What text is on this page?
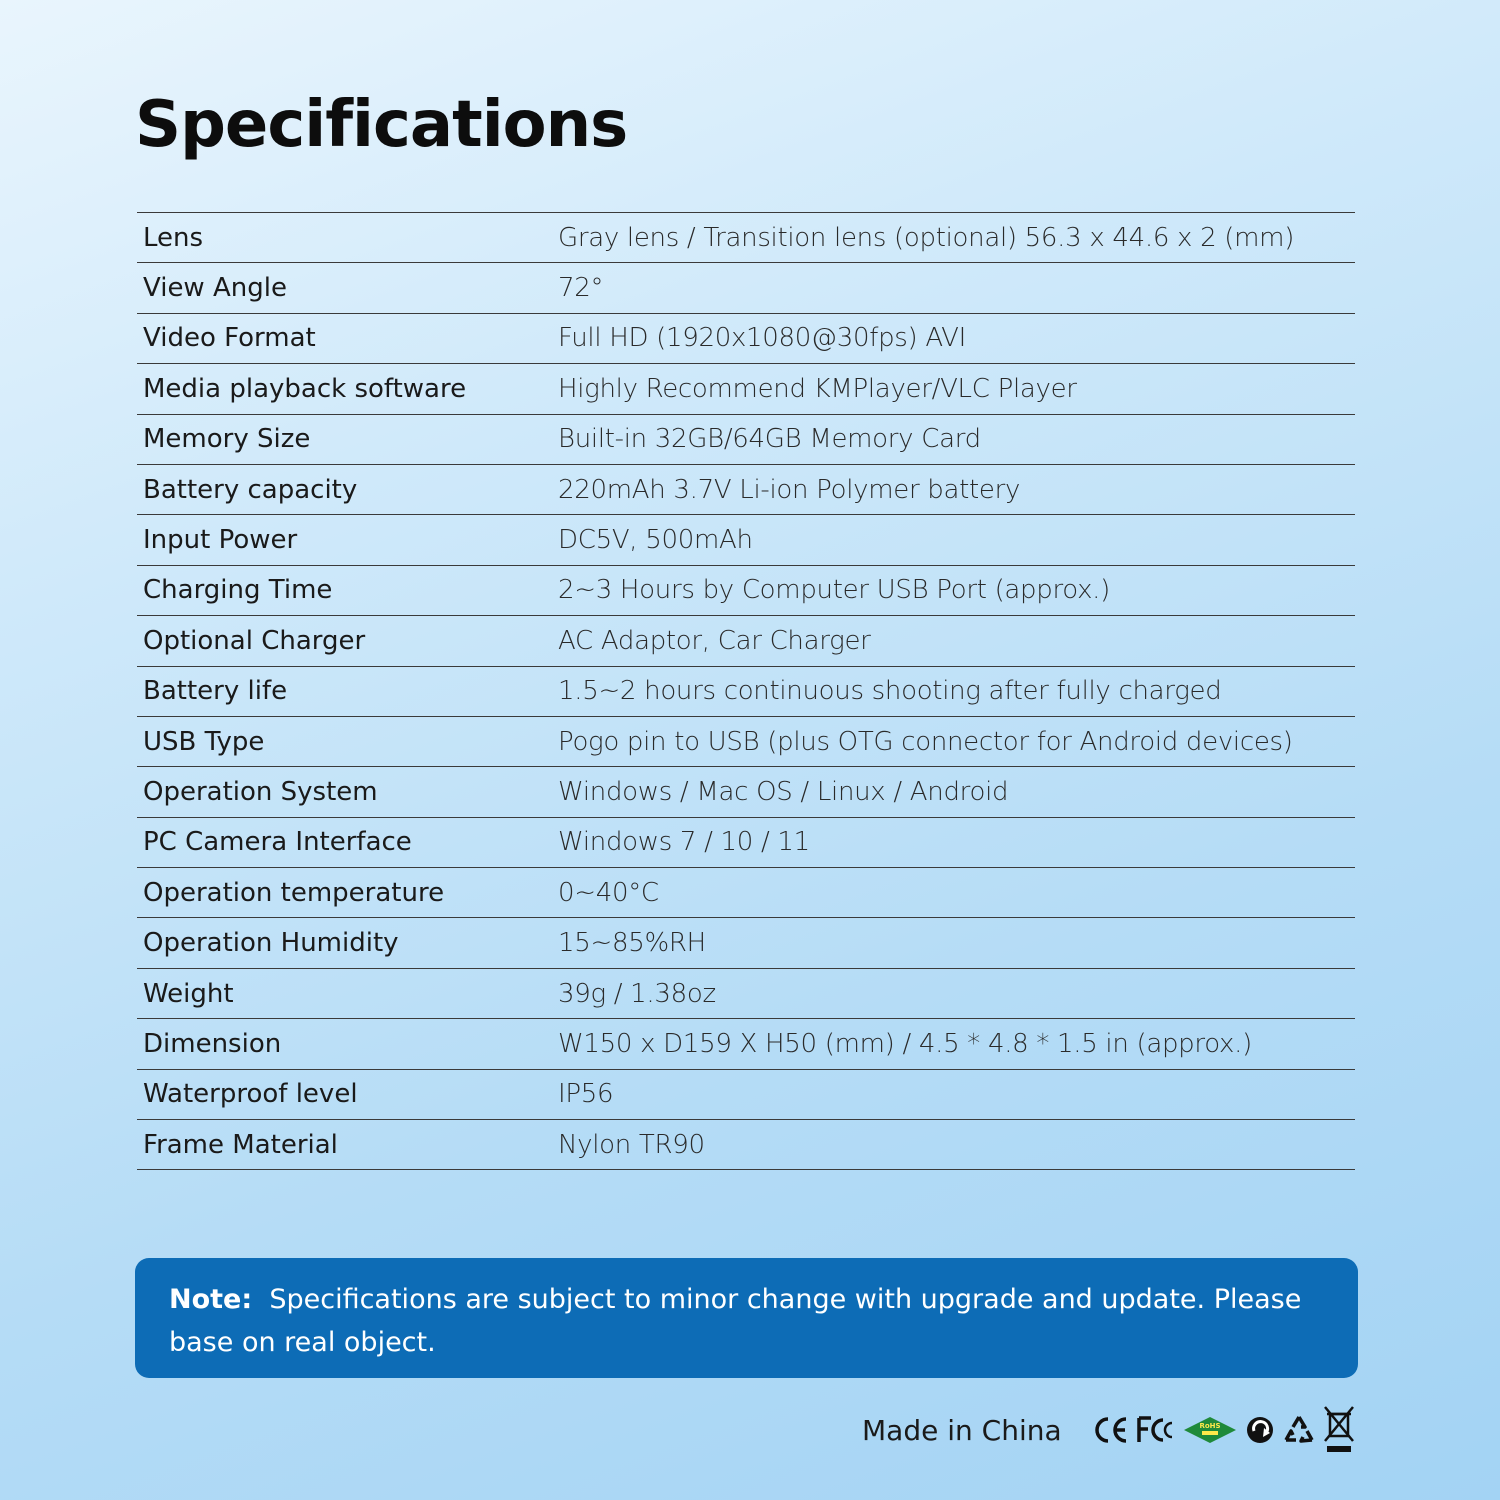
Specifications
Lens	Gray lens / Transition lens (optional) 56.3 x 44.6 x 2 (mm)
View Angle	72°
Video Format	Full HD (1920x1080@30fps) AVI
Media playback software	Highly Recommend KMPlayer/VLC Player
Memory Size	Built-in 32GB/64GB Memory Card
Battery capacity	220mAh 3.7V Li-ion Polymer battery
Input Power	DC5V, 500mAh
Charging Time	2~3 Hours by Computer USB Port (approx.)
Optional Charger	AC Adaptor, Car Charger
Battery life	1.5~2 hours continuous shooting after fully charged
USB Type	Pogo pin to USB (plus OTG connector for Android devices)
Operation System	Windows / Mac OS / Linux / Android
PC Camera Interface	Windows 7 / 10 / 11
Operation temperature	0~40°C
Operation Humidity	15~85%RH
Weight	39g / 1.38oz
Dimension	W150 x D159 X H50 (mm) / 4.5 * 4.8 * 1.5 in (approx.)
Waterproof level	IP56
Frame Material	Nylon TR90
Note: Specifications are subject to minor change with upgrade and update. Please base on real object.
Made in China	RoHS
